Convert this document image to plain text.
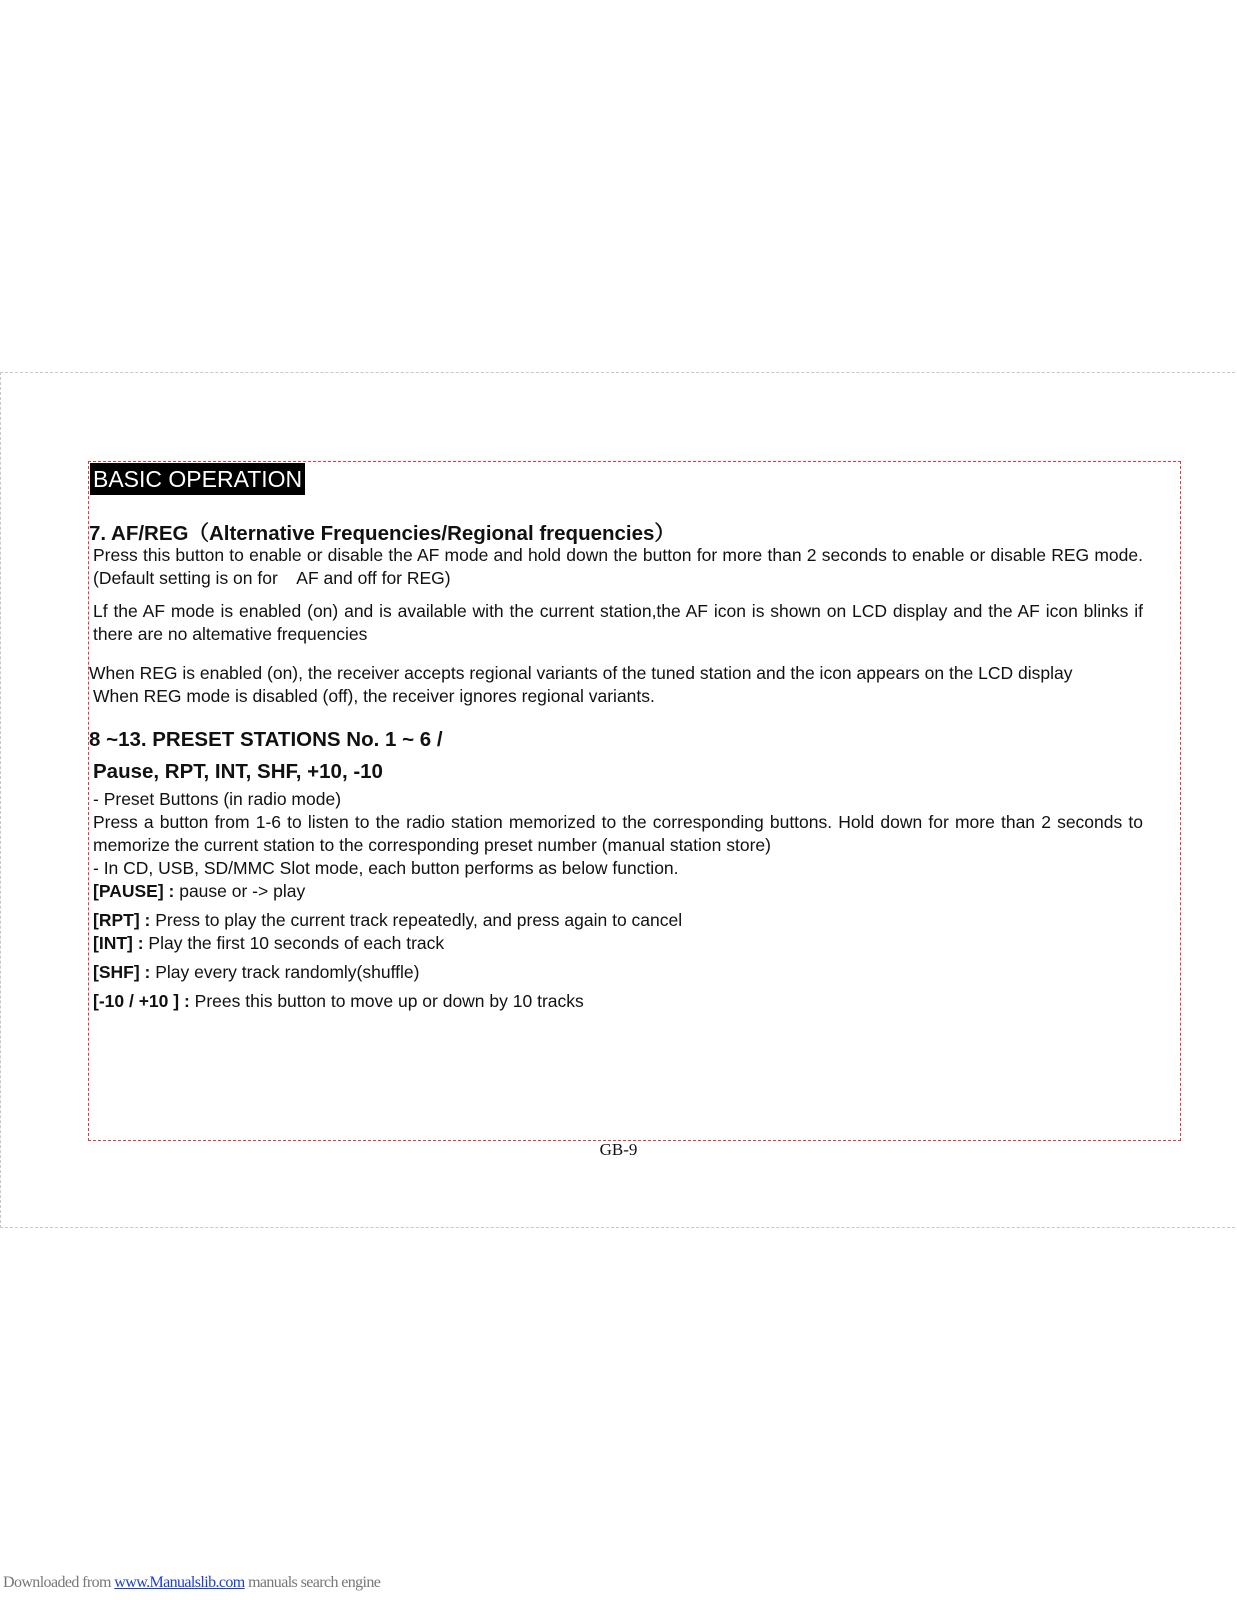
BASIC OPERATION
7. AF/REG（Alternative Frequencies/Regional frequencies）
Press this button to enable or disable the AF mode and hold down the button for more than 2 seconds to enable or disable REG mode. (Default setting is on for    AF and off for REG)
Lf the AF mode is enabled (on) and is available with the current station,the AF icon is shown on LCD display and the AF icon blinks if there are no altemative frequencies
When REG is enabled (on), the receiver accepts regional variants of the tuned station and the icon appears on the LCD display
When REG mode is disabled (off), the receiver ignores regional variants.
8 ~13. PRESET STATIONS No. 1 ~ 6 /
Pause, RPT, INT, SHF, +10, -10
- Preset Buttons (in radio mode)
Press a button from 1-6 to listen to the radio station memorized to the corresponding buttons. Hold down for more than 2 seconds to memorize the current station to the corresponding preset number (manual station store)
- In CD, USB, SD/MMC Slot mode, each button performs as below function.
[PAUSE] : pause or -> play
[RPT] : Press to play the current track repeatedly, and press again to cancel
[INT] : Play the first 10 seconds of each track
[SHF] : Play every track randomly(shuffle)
[-10 / +10 ] : Prees this button to move up or down by 10 tracks
GB-9
Downloaded from www.Manualslib.com manuals search engine
